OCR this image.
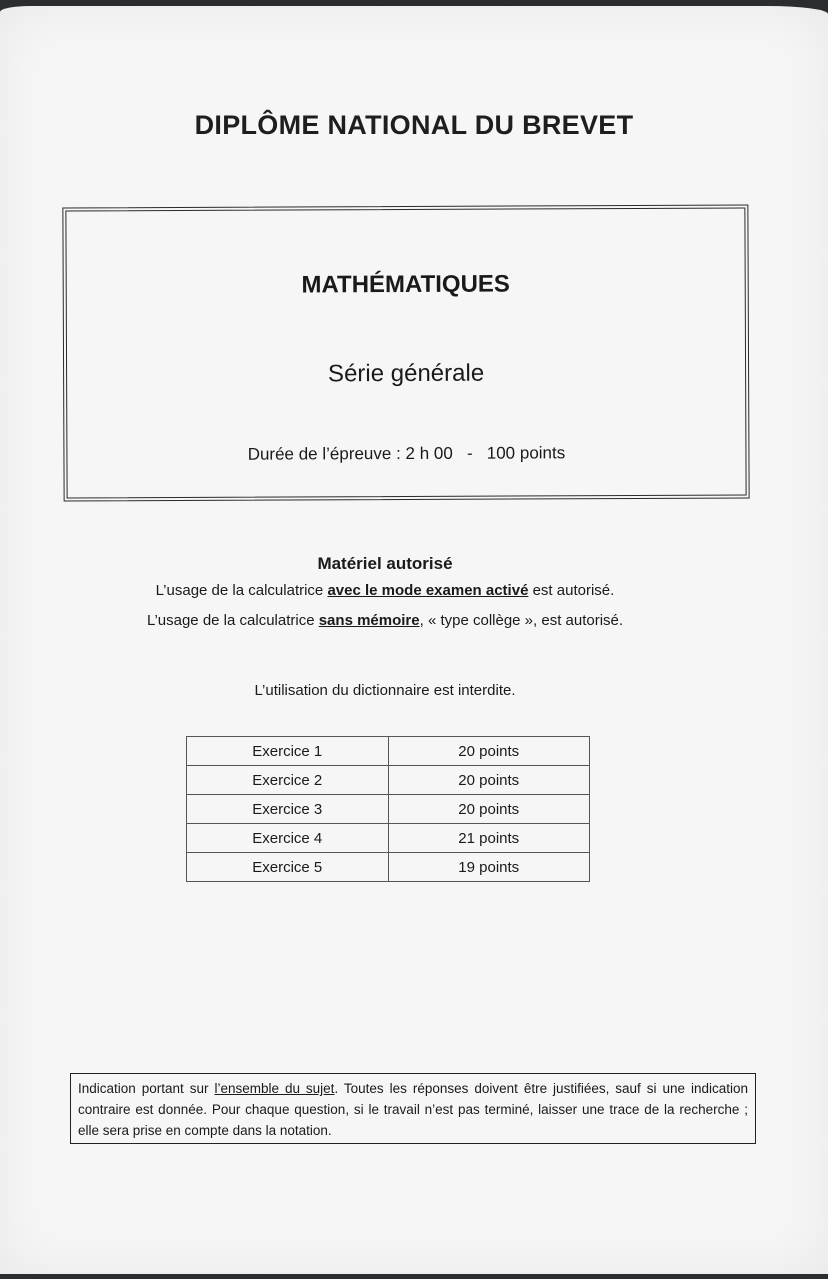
DIPLÔME NATIONAL DU BREVET
MATHÉMATIQUES
Série générale
Durée de l’épreuve : 2 h 00   -   100 points
Matériel autorisé
L’usage de la calculatrice avec le mode examen activé est autorisé.
L’usage de la calculatrice sans mémoire, « type collège », est autorisé.
L’utilisation du dictionnaire est interdite.
Exercice 1	20 points
Exercice 2	20 points
Exercice 3	20 points
Exercice 4	21 points
Exercice 5	19 points
Indication portant sur l’ensemble du sujet. Toutes les réponses doivent être justifiées, sauf si une indication contraire est donnée. Pour chaque question, si le travail n’est pas terminé, laisser une trace de la recherche ; elle sera prise en compte dans la notation.
